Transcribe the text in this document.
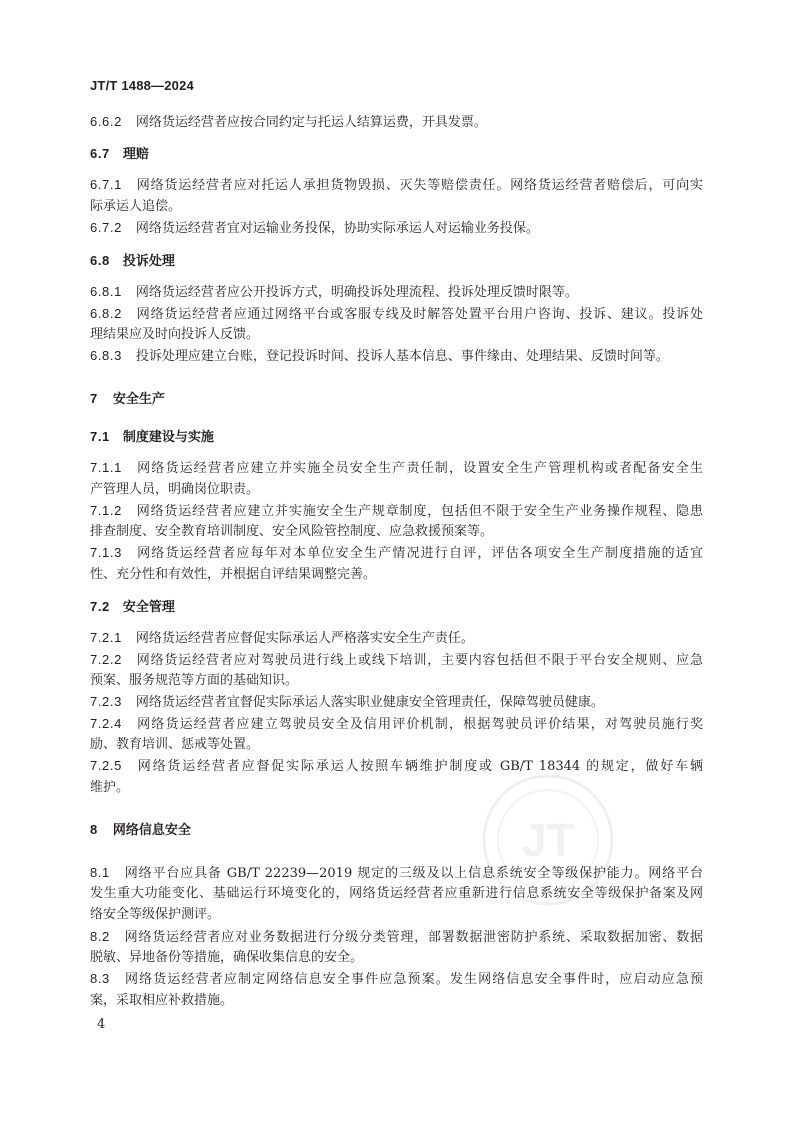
JT
JT/T 1488—2024
6.6.2 网络货运经营者应按合同约定与托运人结算运费，开具发票。
6.7 理赔
6.7.1 网络货运经营者应对托运人承担货物毁损、灭失等赔偿责任。网络货运经营者赔偿后，可向实
际承运人追偿。
6.7.2 网络货运经营者宜对运输业务投保，协助实际承运人对运输业务投保。
6.8 投诉处理
6.8.1 网络货运经营者应公开投诉方式，明确投诉处理流程、投诉处理反馈时限等。
6.8.2 网络货运经营者应通过网络平台或客服专线及时解答处置平台用户咨询、投诉、建议。投诉处
理结果应及时向投诉人反馈。
6.8.3 投诉处理应建立台账，登记投诉时间、投诉人基本信息、事件缘由、处理结果、反馈时间等。
7 安全生产
7.1 制度建设与实施
7.1.1 网络货运经营者应建立并实施全员安全生产责任制，设置安全生产管理机构或者配备安全生
产管理人员，明确岗位职责。
7.1.2 网络货运经营者应建立并实施安全生产规章制度，包括但不限于安全生产业务操作规程、隐患
排查制度、安全教育培训制度、安全风险管控制度、应急救援预案等。
7.1.3 网络货运经营者应每年对本单位安全生产情况进行自评，评估各项安全生产制度措施的适宜
性、充分性和有效性，并根据自评结果调整完善。
7.2 安全管理
7.2.1 网络货运经营者应督促实际承运人严格落实安全生产责任。
7.2.2 网络货运经营者应对驾驶员进行线上或线下培训，主要内容包括但不限于平台安全规则、应急
预案、服务规范等方面的基础知识。
7.2.3 网络货运经营者宜督促实际承运人落实职业健康安全管理责任，保障驾驶员健康。
7.2.4 网络货运经营者应建立驾驶员安全及信用评价机制，根据驾驶员评价结果，对驾驶员施行奖
励、教育培训、惩戒等处置。
7.2.5 网络货运经营者应督促实际承运人按照车辆维护制度或 GB/T 18344 的规定，做好车辆
维护。
8 网络信息安全
8.1 网络平台应具备 GB/T 22239—2019 规定的三级及以上信息系统安全等级保护能力。网络平台
发生重大功能变化、基础运行环境变化的，网络货运经营者应重新进行信息系统安全等级保护备案及网
络安全等级保护测评。
8.2 网络货运经营者应对业务数据进行分级分类管理，部署数据泄密防护系统、采取数据加密、数据
脱敏、异地备份等措施，确保收集信息的安全。
8.3 网络货运经营者应制定网络信息安全事件应急预案。发生网络信息安全事件时，应启动应急预
案，采取相应补救措施。
4
